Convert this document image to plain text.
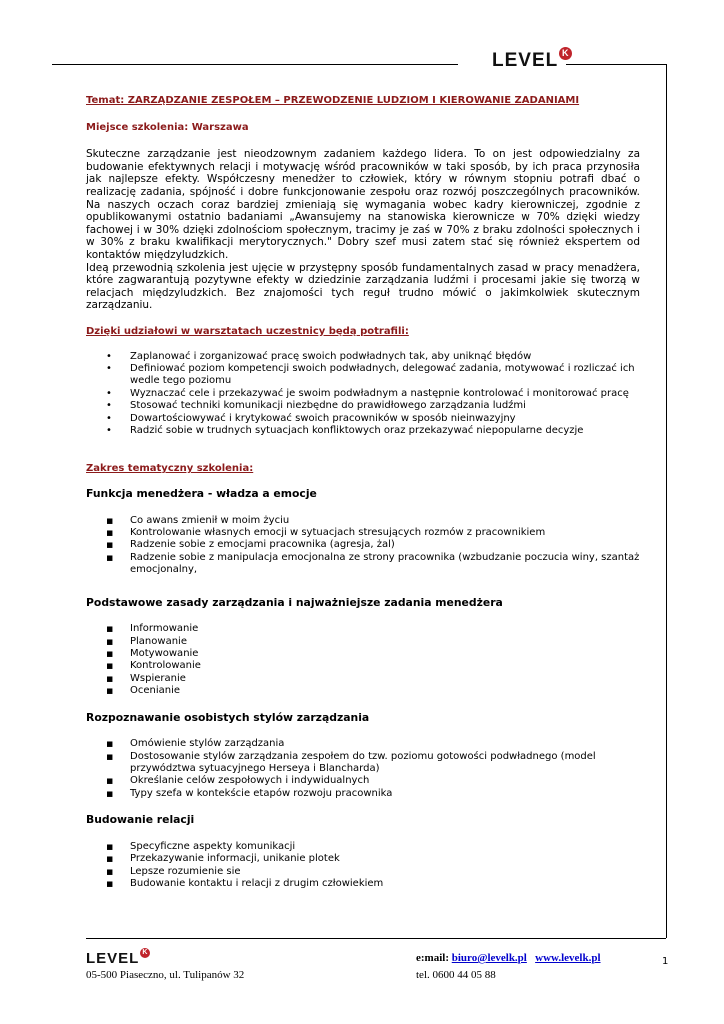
LEVEL K
Temat: ZARZĄDZANIE ZESPOŁEM – PRZEWODZENIE LUDZIOM I KIEROWANIE ZADANIAMI
Miejsce szkolenia: Warszawa

Skuteczne zarządzanie jest nieodzownym zadaniem każdego lidera. To on jest odpowiedzialny za budowanie efektywnych relacji i motywację wśród pracowników w taki sposób, by ich praca przynosiła jak najlepsze efekty. Współczesny menedżer to człowiek, który w równym stopniu potrafi dbać o realizację zadania, spójność i dobre funkcjonowanie zespołu oraz rozwój poszczególnych pracowników. Na naszych oczach coraz bardziej zmieniają się wymagania wobec kadry kierowniczej, zgodnie z opublikowanymi ostatnio badaniami „Awansujemy na stanowiska kierownicze w 70% dzięki wiedzy fachowej i w 30% dzięki zdolnościom społecznym, tracimy je zaś w 70% z braku zdolności społecznych i w 30% z braku kwalifikacji merytorycznych." Dobry szef musi zatem stać się również ekspertem od kontaktów międzyludzkich.

Ideą przewodnią szkolenia jest ujęcie w przystępny sposób fundamentalnych zasad w pracy menadżera, które zagwarantują pozytywne efekty w dziedzinie zarządzania ludźmi i procesami jakie się tworzą w relacjach międzyludzkich. Bez znajomości tych reguł trudno mówić o jakimkolwiek skutecznym zarządzaniu.

Dzięki udziałowi w warsztatach uczestnicy będą potrafili:
•
Zaplanować i zorganizować pracę swoich podwładnych tak, aby uniknąć błędów
•
Definiować poziom kompetencji swoich podwładnych, delegować zadania, motywować i rozliczać ich wedle tego poziomu
•
Wyznaczać cele i przekazywać je swoim podwładnym a następnie kontrolować i monitorować pracę
•
Stosować techniki komunikacji niezbędne do prawidłowego zarządzania ludźmi
•
Dowartościowywać i krytykować swoich pracowników w sposób nieinwazyjny
•
Radzić sobie w trudnych sytuacjach konfliktowych oraz przekazywać niepopularne decyzje
Zakres tematyczny szkolenia:
Funkcja menedżera - władza a emocje
▪
Co awans zmienił w moim życiu
▪
Kontrolowanie własnych emocji w sytuacjach stresujących rozmów z pracownikiem
▪
Radzenie sobie z emocjami pracownika (agresja, żal)
▪
Radzenie sobie z manipulacja emocjonalna ze strony pracownika (wzbudzanie poczucia winy, szantaż emocjonalny,
Podstawowe zasady zarządzania i najważniejsze zadania menedżera
▪
Informowanie
▪
Planowanie
▪
Motywowanie
▪
Kontrolowanie
▪
Wspieranie
▪
Ocenianie
Rozpoznawanie osobistych stylów zarządzania
▪
Omówienie stylów zarządzania
▪
Dostosowanie stylów zarządzania zespołem do tzw. poziomu gotowości podwładnego (model przywództwa sytuacyjnego Herseya i Blancharda)
▪
Określanie celów zespołowych i indywidualnych
▪
Typy szefa w kontekście etapów rozwoju pracownika
Budowanie relacji
▪
Specyficzne aspekty komunikacji
▪
Przekazywanie informacji, unikanie plotek
▪
Lepsze rozumienie sie
▪
Budowanie kontaktu i relacji z drugim człowiekiem
LEVEL K	e:mail: biuro@levelk.pl www.levelk.pl
05-500 Piaseczno, ul. Tulipanów 32	tel. 0600 44 05 88
1
